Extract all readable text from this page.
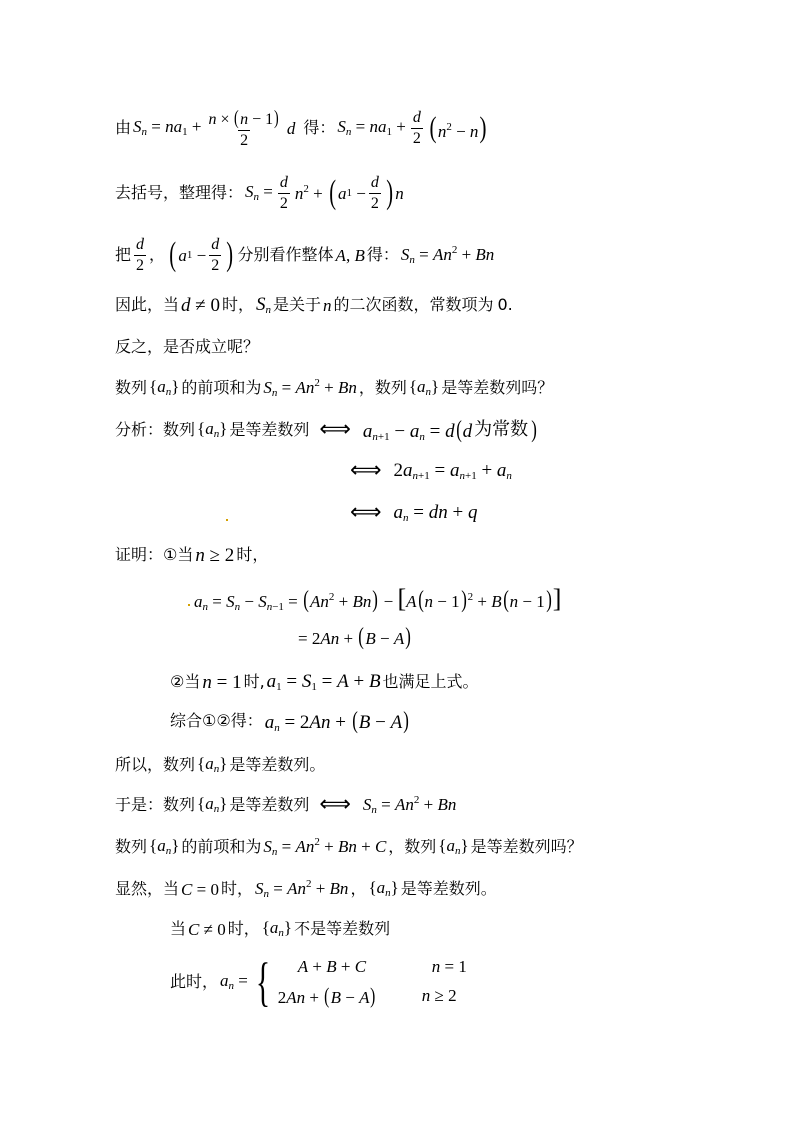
由 $S_n = na_1 + \frac{n \times (n - 1)}{2}$ d 得： $S_n = na_1 + \frac{d}{2} (n^2 - n)$
去括号，整理得： $S_n = \frac{d}{2} n^2$ + ( a $1 - \frac{d}{2}$ ) n
把 $\frac{d}{2}$ ， ( a $1 - \frac{d}{2}$ ) 分别看作整体 A, B 得： $S_n = An^2 + Bn$
因此，当 d ≠ 0 时， $S_n$ 是关于 n 的二次函数，常数项为 0.
反之，是否成立呢？
数列 $\{a_n\}$ 的前项和为 $S_n = An^2 + Bn$ ，数列 $\{a_n\}$ 是等差数列吗？
分析：数列 $\{a_n\}$ 是等差数列 ⟺ $a_{n+1} - a_n = d(d$ 为常数 )
⟺ $2a_{n+1} = a_{n+1} + a_n$
⟺ $a_n$ = dn + q
证明： ① 当 n ≥ 2 时，
$a_n = S_n - S_{n-1} = (An^2 + Bn) - [A(n - 1)^2 + B(n - 1)]$
= 2An + (B − A)
② 当 n = 1 时, $a_1 = S_1 = A + B$ 也满足上式。
综合①②得： $a_n = 2An + (B - A)$
所以，数列 $\{a_n\}$ 是等差数列。
于是：数列 $\{a_n\}$ 是等差数列 ⟺ $S_n = An^2 + Bn$
数列 $\{a_n\}$ 的前项和为 $S_n = An^2 + Bn + C$ ，数列 $\{a_n\}$ 是等差数列吗？
显然，当 C = 0 时， $S_n = An^2 + Bn$ ， $\{a_n\}$ 是等差数列。
当 C ≠ 0 时， $\{a_n\}$ 不是等差数列
此时， $a_n$ = {	A + B + C	n = 1
2An + (B − A)	n ≥ 2
